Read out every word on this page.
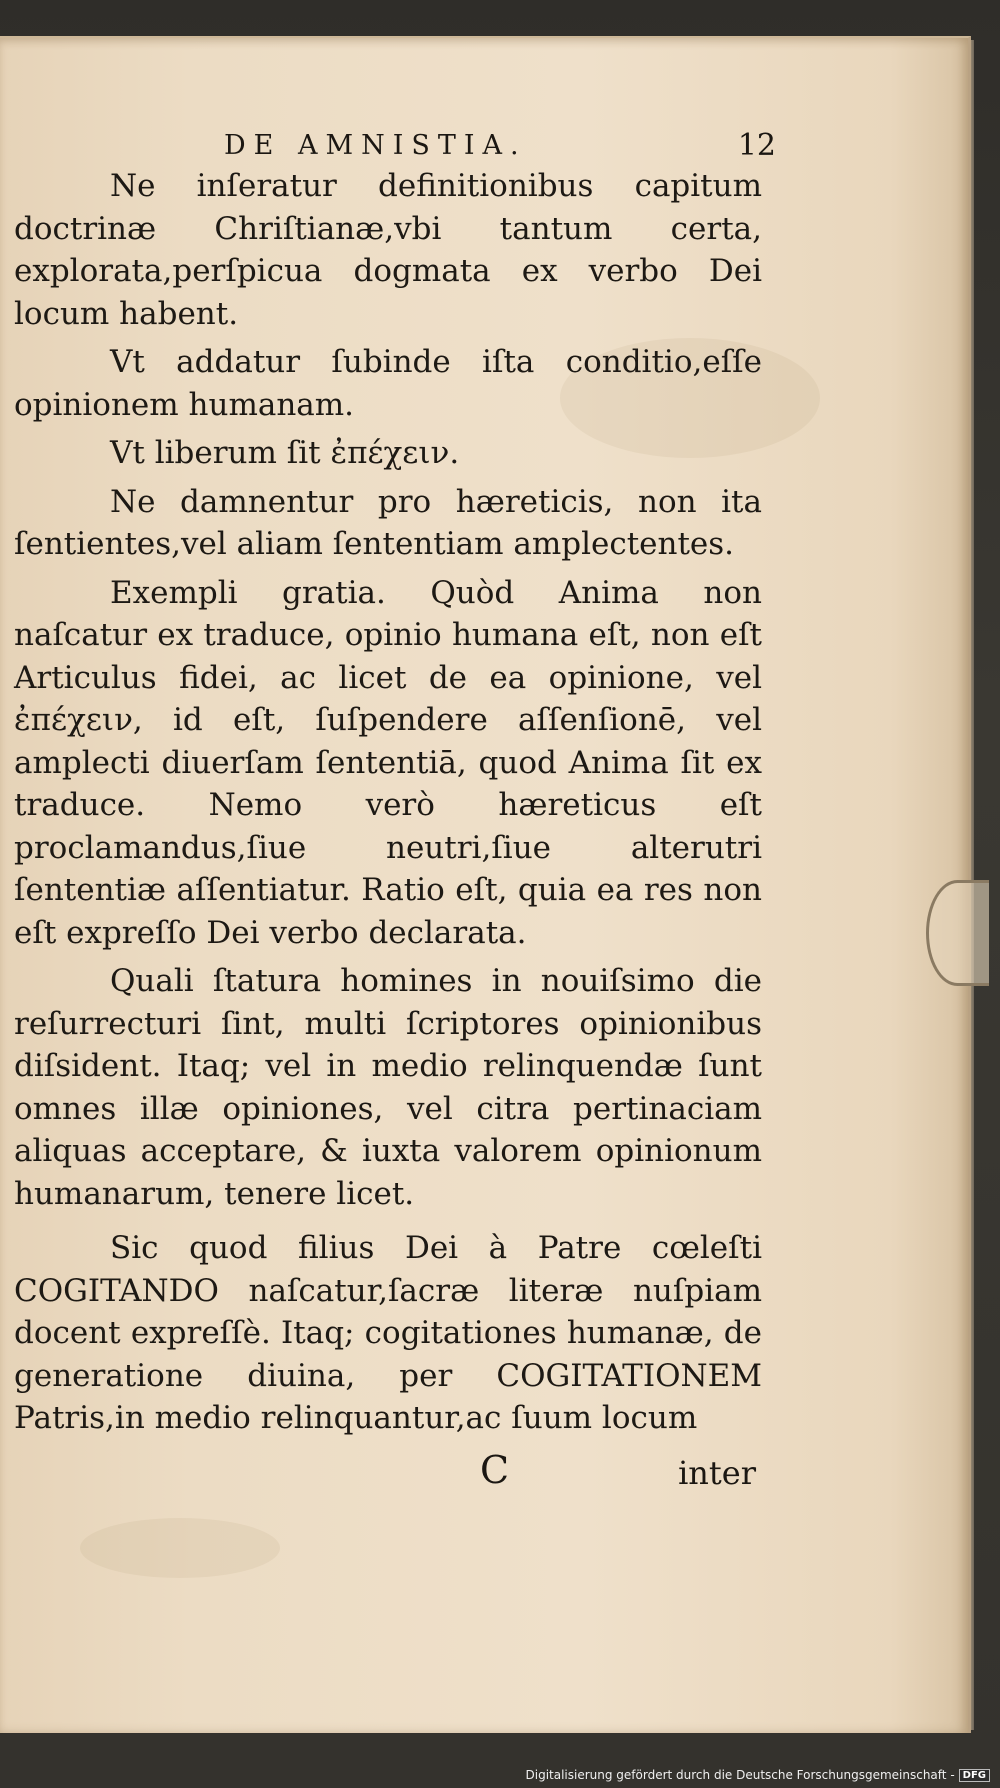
DE AMNISTIA.	12

Ne inſeratur definitionibus capitum doctrinæ Chriſtianæ,vbi tantum certa, explorata,perſpicua dogmata ex verbo Dei locum habent.

Vt addatur ſubinde iſta conditio,eſſe opinionem humanam.

Vt liberum ſit ἐπέχειν.

Ne damnentur pro hæreticis, non ita ſentientes,vel aliam ſententiam amplectentes.

Exempli gratia. Quòd Anima non naſcatur ex traduce, opinio humana eſt, non eſt Articulus fidei, ac licet de ea opinione, vel ἐπέχειν, id eſt, ſuſpendere aſſenſionē, vel amplecti diuerſam ſententiā, quod Anima ſit ex traduce. Nemo verò hæreticus eſt proclamandus,ſiue neutri,ſiue alterutri ſententiæ aſſentiatur. Ratio eſt, quia ea res non eſt expreſſo Dei verbo declarata.

Quali ſtatura homines in nouiſsimo die reſurrecturi ſint, multi ſcriptores opinionibus diſsident. Itaq; vel in medio relinquendæ ſunt omnes illæ opiniones, vel citra pertinaciam aliquas acceptare, & iuxta valorem opinionum humanarum, tenere licet.

Sic quod filius Dei à Patre cœleſti COGITANDO naſcatur,ſacræ literæ nuſpiam docent expreſſè. Itaq; cogitationes humanæ, de generatione diuina, per COGITATIONEM Patris,in medio relinquantur,ac ſuum locum

C	inter
Digitalisierung gefördert durch die Deutsche Forschungsgemeinschaft - DFG
